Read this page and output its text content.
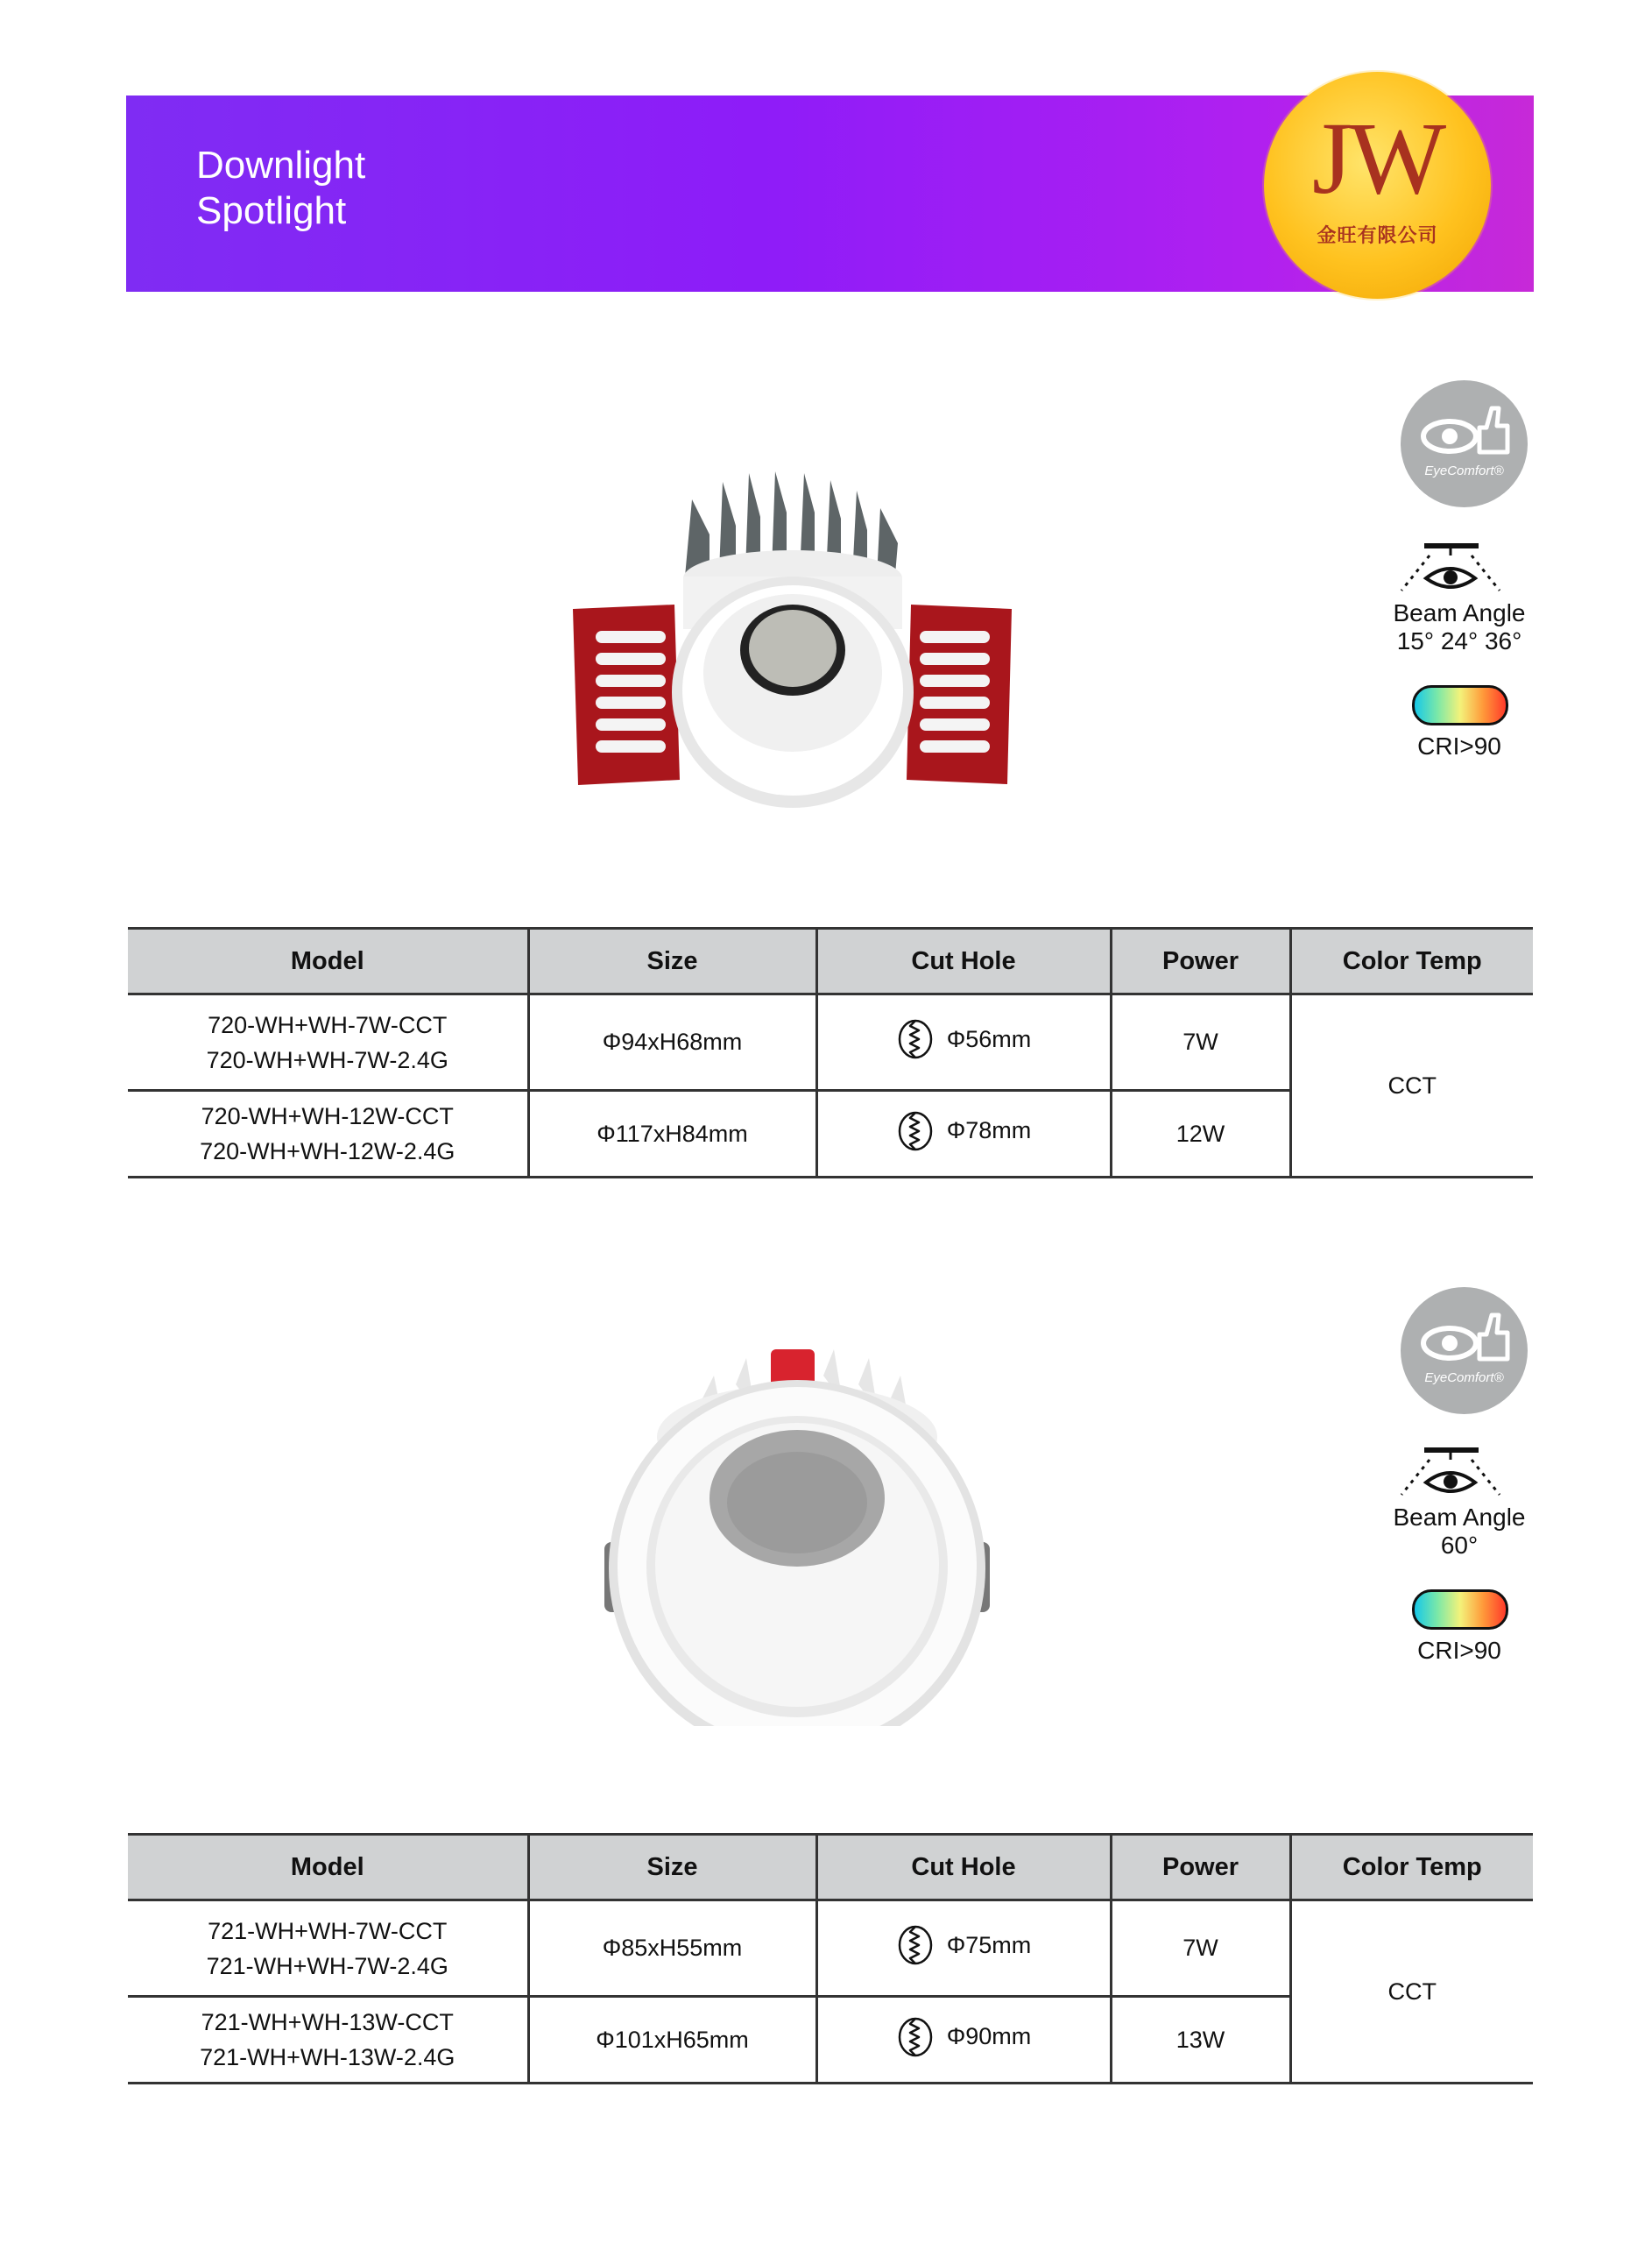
Downlight
Spotlight	JW
金旺有限公司
EyeComfort®
Beam Angle
15° 24° 36°
CRI>90
Model	Size	Cut Hole	Power	Color Temp

720-WH+WH-7W-CCT
720-WH+WH-7W-2.4G	Φ94xH68mm	Φ56mm	7W	CCT

720-WH+WH-12W-CCT
720-WH+WH-12W-2.4G	Φ117xH84mm	Φ78mm	12W	
EyeComfort®
Beam Angle
60°
CRI>90
Model	Size	Cut Hole	Power	Color Temp

721-WH+WH-7W-CCT
721-WH+WH-7W-2.4G	Φ85xH55mm	Φ75mm	7W	CCT

721-WH+WH-13W-CCT
721-WH+WH-13W-2.4G	Φ101xH65mm	Φ90mm	13W	
